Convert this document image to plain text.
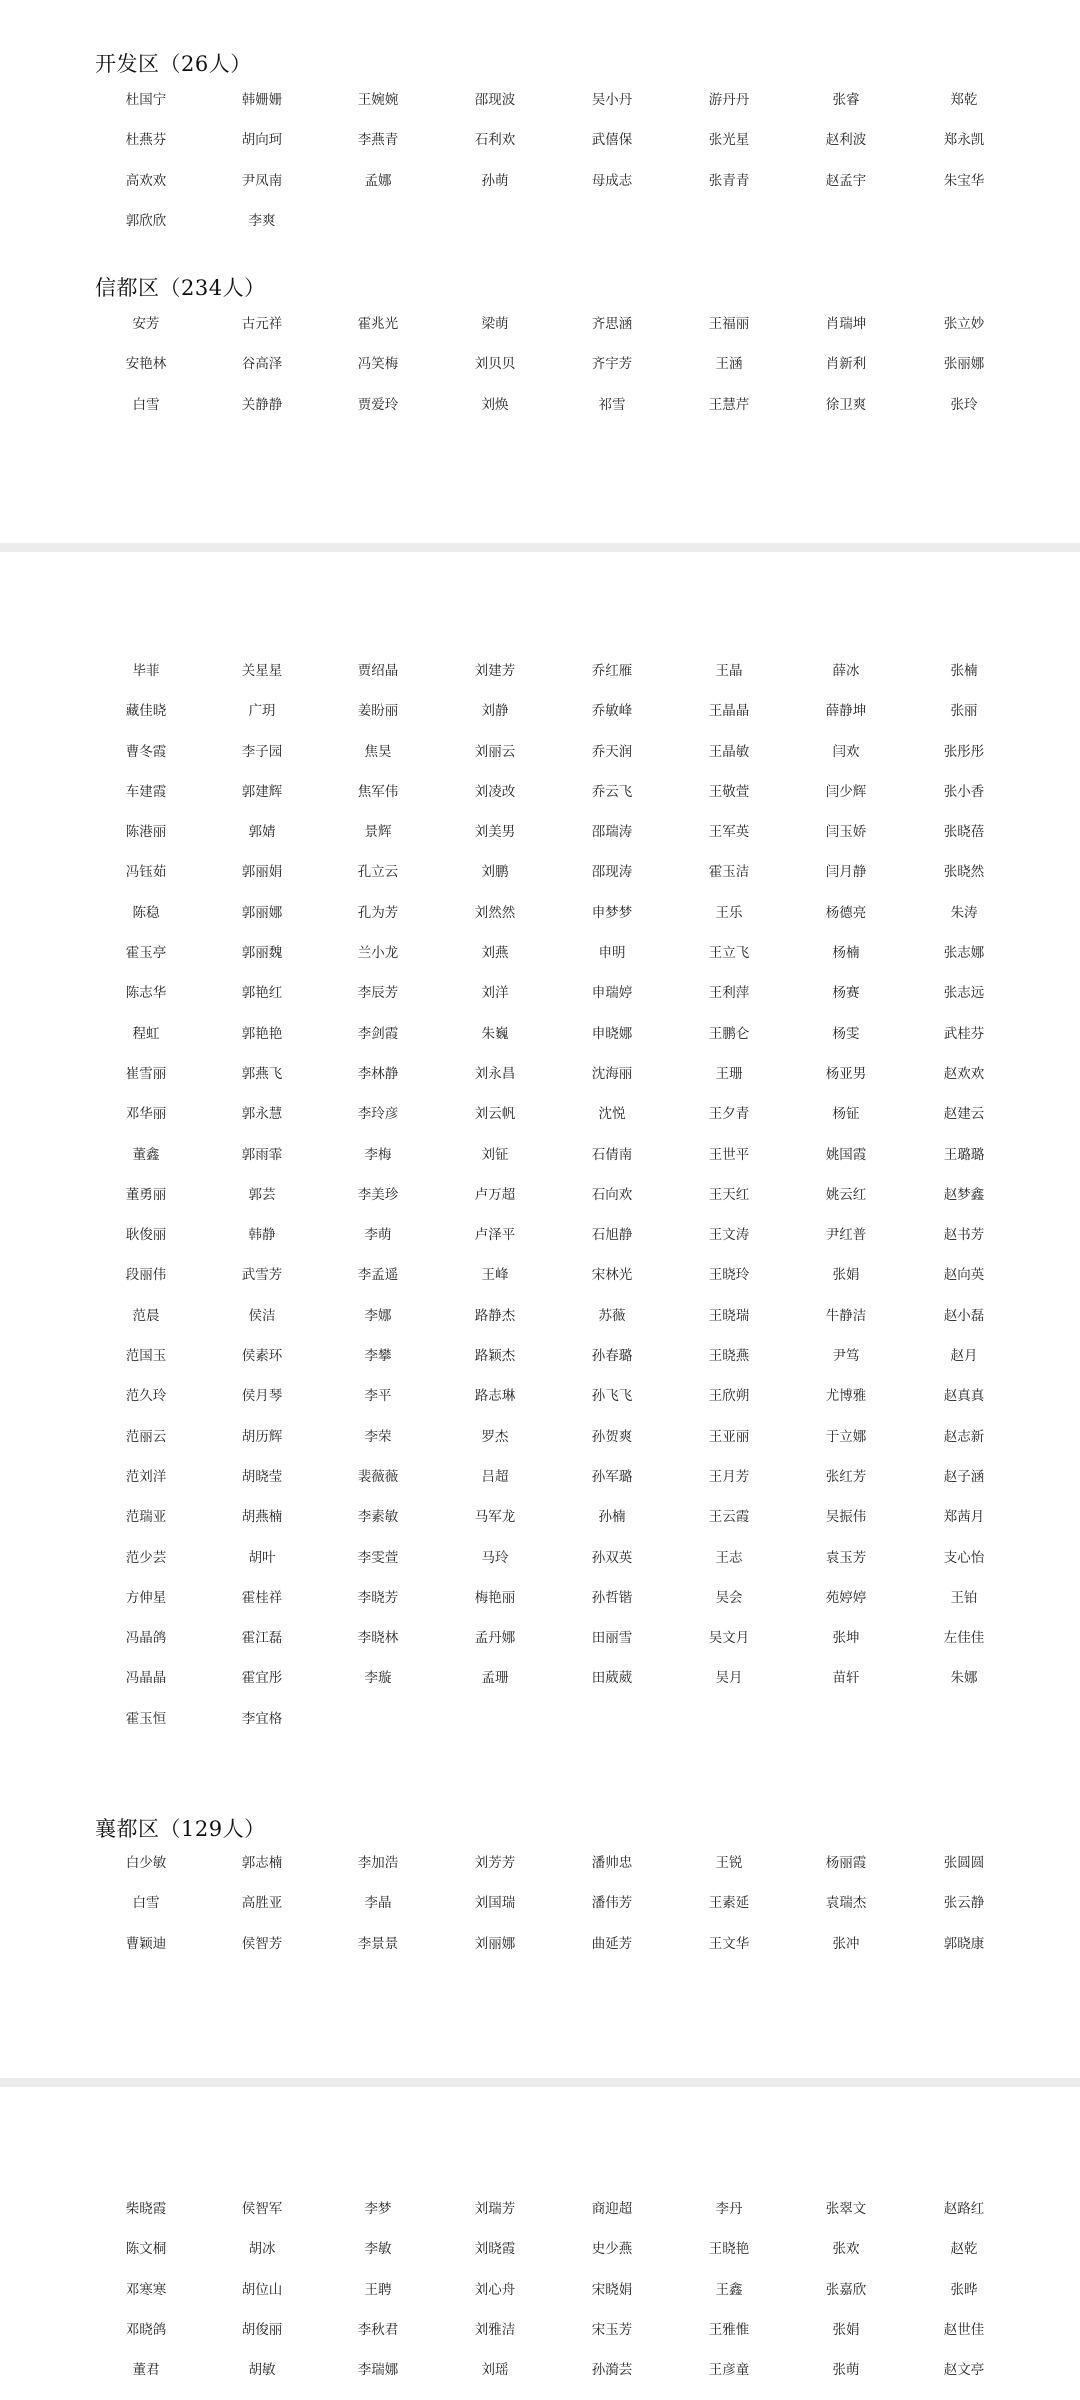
开发区（26人）
信都区（234人）
襄都区（129人）
杜国宁	韩姗姗	王婉婉	邵现波	吴小丹	游丹丹	张睿	郑乾
杜燕芬	胡向珂	李燕青	石利欢	武僖保	张光星	赵利波	郑永凯
高欢欢	尹凤南	孟娜	孙萌	母成志	张青青	赵孟宇	朱宝华
郭欣欣	李爽
安芳	古元祥	霍兆光	梁萌	齐思涵	王福丽	肖瑞坤	张立妙
安艳林	谷高泽	冯笑梅	刘贝贝	齐宇芳	王涵	肖新利	张丽娜
白雪	关静静	贾爱玲	刘焕	祁雪	王慧芹	徐卫爽	张玲
毕菲	关星星	贾绍晶	刘建芳	乔红雁	王晶	薛冰	张楠
藏佳晓	广玥	姜盼丽	刘静	乔敏峰	王晶晶	薛静坤	张丽
曹冬霞	李子园	焦昊	刘丽云	乔天润	王晶敏	闫欢	张彤彤
车建霞	郭建辉	焦军伟	刘凌改	乔云飞	王敬萱	闫少辉	张小香
陈港丽	郭婧	景辉	刘美男	邵瑞涛	王军英	闫玉娇	张晓蓓
冯钰茹	郭丽娟	孔立云	刘鹏	邵现涛	霍玉洁	闫月静	张晓然
陈稳	郭丽娜	孔为芳	刘然然	申梦梦	王乐	杨德亮	朱涛
霍玉亭	郭丽魏	兰小龙	刘燕	申明	王立飞	杨楠	张志娜
陈志华	郭艳红	李辰芳	刘洋	申瑞婷	王利萍	杨赛	张志远
程虹	郭艳艳	李剑霞	朱巍	申晓娜	王鹏仑	杨雯	武桂芬
崔雪丽	郭燕飞	李林静	刘永昌	沈海丽	王珊	杨亚男	赵欢欢
邓华丽	郭永慧	李玲彦	刘云帆	沈悦	王夕青	杨钲	赵建云
董鑫	郭雨霏	李梅	刘钲	石倩南	王世平	姚国霞	王璐璐
董勇丽	郭芸	李美珍	卢万超	石向欢	王天红	姚云红	赵梦鑫
耿俊丽	韩静	李萌	卢泽平	石旭静	王文涛	尹红普	赵书芳
段丽伟	武雪芳	李孟遥	王峰	宋林光	王晓玲	张娟	赵向英
范晨	侯洁	李娜	路静杰	苏薇	王晓瑞	牛静洁	赵小磊
范国玉	侯素环	李攀	路颖杰	孙春璐	王晓燕	尹笃	赵月
范久玲	侯月琴	李平	路志琳	孙飞飞	王欣朔	尤博雅	赵真真
范丽云	胡历辉	李荣	罗杰	孙贺爽	王亚丽	于立娜	赵志新
范刘洋	胡晓莹	裴薇薇	吕超	孙军璐	王月芳	张红芳	赵子涵
范瑞亚	胡燕楠	李素敏	马军龙	孙楠	王云霞	吴振伟	郑茜月
范少芸	胡叶	李雯萱	马玲	孙双英	王志	袁玉芳	支心怡
方伸星	霍桂祥	李晓芳	梅艳丽	孙哲锴	吴会	苑婷婷	王铂
冯晶鸽	霍江磊	李晓林	孟丹娜	田丽雪	吴文月	张坤	左佳佳
冯晶晶	霍宜彤	李璇	孟珊	田葳葳	吴月	苗轩	朱娜
霍玉恒	李宜格
白少敏	郭志楠	李加浩	刘芳芳	潘帅忠	王锐	杨丽霞	张圆圆
白雪	高胜亚	李晶	刘国瑞	潘伟芳	王素延	袁瑞杰	张云静
曹颖迪	侯智芳	李景景	刘丽娜	曲延芳	王文华	张冲	郭晓康
柴晓霞	侯智军	李梦	刘瑞芳	商迎超	李丹	张翠文	赵路红
陈文桐	胡冰	李敏	刘晓霞	史少燕	王晓艳	张欢	赵乾
邓寒寒	胡位山	王聘	刘心舟	宋晓娟	王鑫	张嘉欣	张晔
邓晓鸽	胡俊丽	李秋君	刘雅洁	宋玉芳	王雅惟	张娟	赵世佳
董君	胡敏	李瑞娜	刘瑶	孙漪芸	王彦童	张萌	赵文亭
